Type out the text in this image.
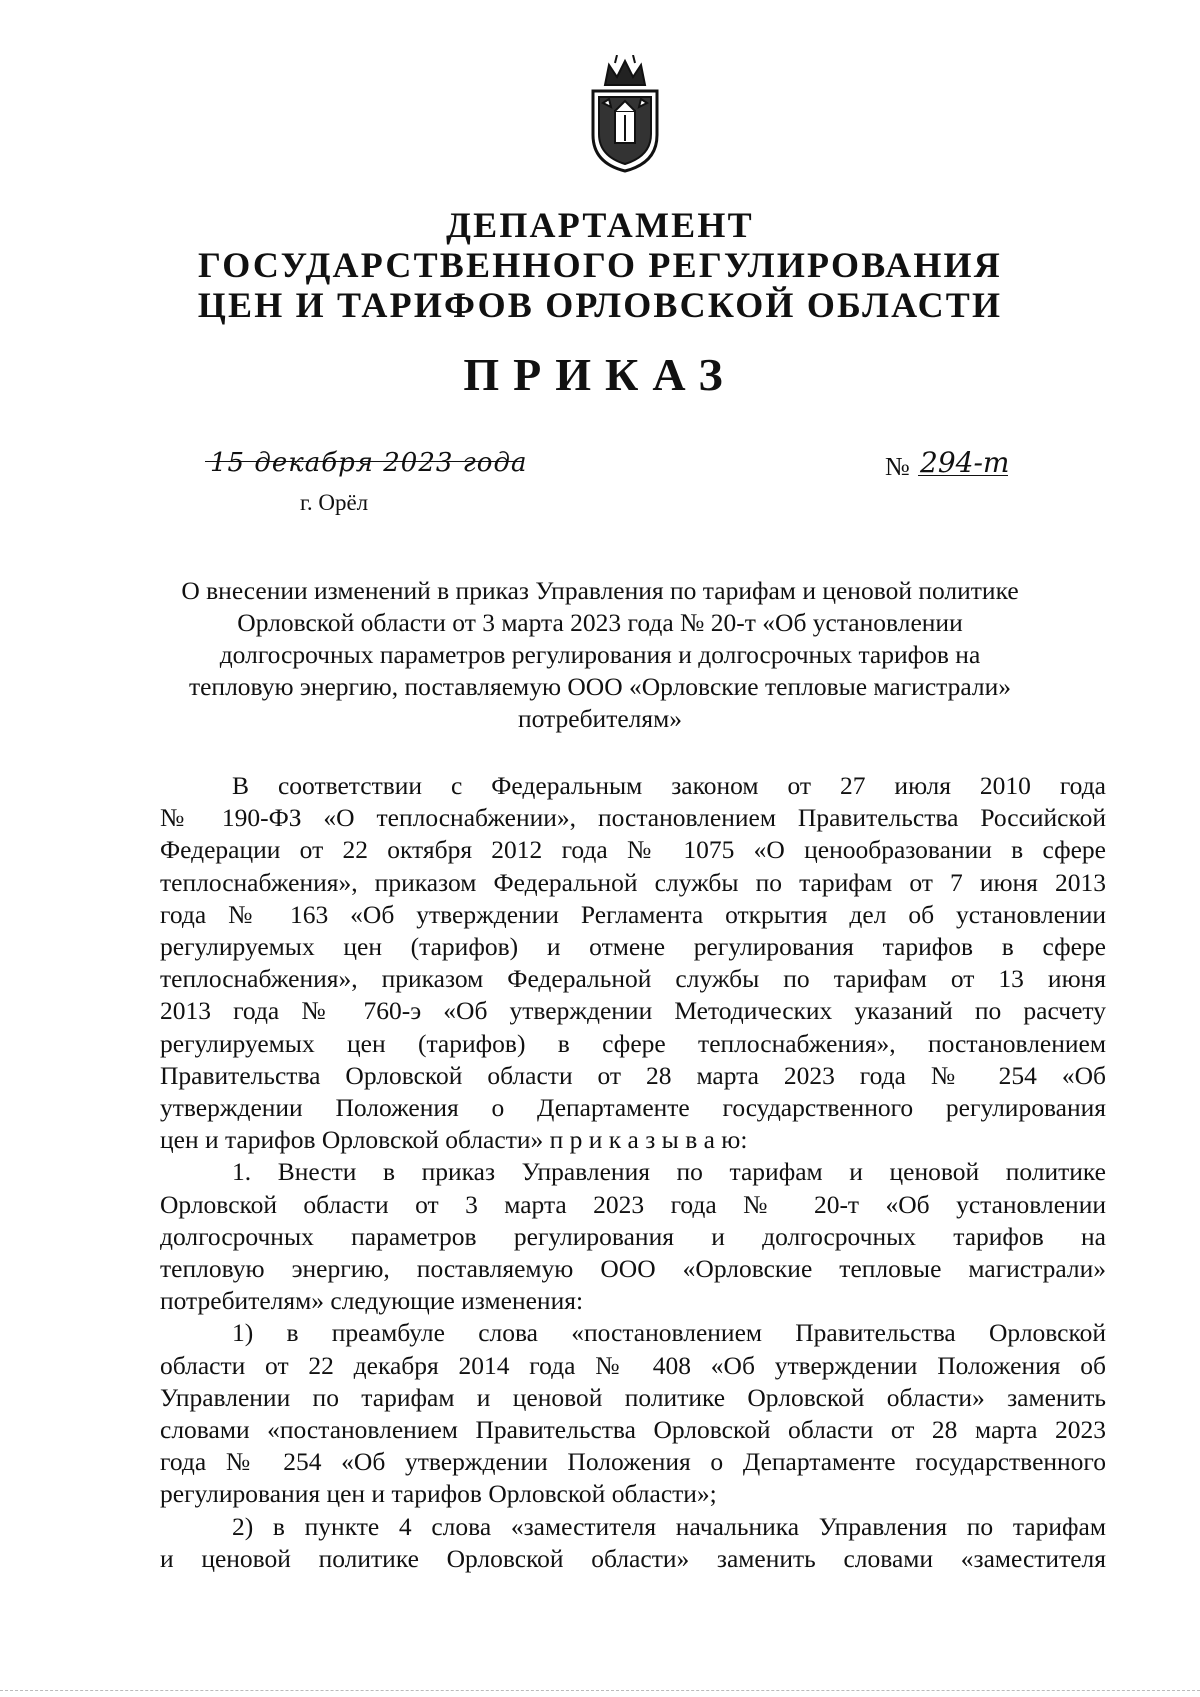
ДЕПАРТАМЕНТ
ГОСУДАРСТВЕННОГО РЕГУЛИРОВАНИЯ
ЦЕН И ТАРИФОВ ОРЛОВСКОЙ ОБЛАСТИ
ПРИКАЗ
15 декабря 2023 года
г. Орёл
№ 294-т
О внесении изменений в приказ Управления по тарифам и ценовой политике
Орловской области от 3 марта 2023 года № 20-т «Об установлении
долгосрочных параметров регулирования и долгосрочных тарифов на
тепловую энергию, поставляемую ООО «Орловские тепловые магистрали»
потребителям»
В соответствии с Федеральным законом от 27 июля 2010 года
№ 190-ФЗ «О теплоснабжении», постановлением Правительства Российской
Федерации от 22 октября 2012 года № 1075 «О ценообразовании в сфере
теплоснабжения», приказом Федеральной службы по тарифам от 7 июня 2013
года № 163 «Об утверждении Регламента открытия дел об установлении
регулируемых цен (тарифов) и отмене регулирования тарифов в сфере
теплоснабжения», приказом Федеральной службы по тарифам от 13 июня
2013 года № 760-э «Об утверждении Методических указаний по расчету
регулируемых цен (тарифов) в сфере теплоснабжения», постановлением
Правительства Орловской области от 28 марта 2023 года № 254 «Об
утверждении Положения о Департаменте государственного регулирования
цен и тарифов Орловской области» п р и к а з ы в а ю:
1. Внести в приказ Управления по тарифам и ценовой политике
Орловской области от 3 марта 2023 года № 20-т «Об установлении
долгосрочных параметров регулирования и долгосрочных тарифов на
тепловую энергию, поставляемую ООО «Орловские тепловые магистрали»
потребителям» следующие изменения:
1) в преамбуле слова «постановлением Правительства Орловской
области от 22 декабря 2014 года № 408 «Об утверждении Положения об
Управлении по тарифам и ценовой политике Орловской области» заменить
словами «постановлением Правительства Орловской области от 28 марта 2023
года № 254 «Об утверждении Положения о Департаменте государственного
регулирования цен и тарифов Орловской области»;
2) в пункте 4 слова «заместителя начальника Управления по тарифам
и ценовой политике Орловской области» заменить словами «заместителя
